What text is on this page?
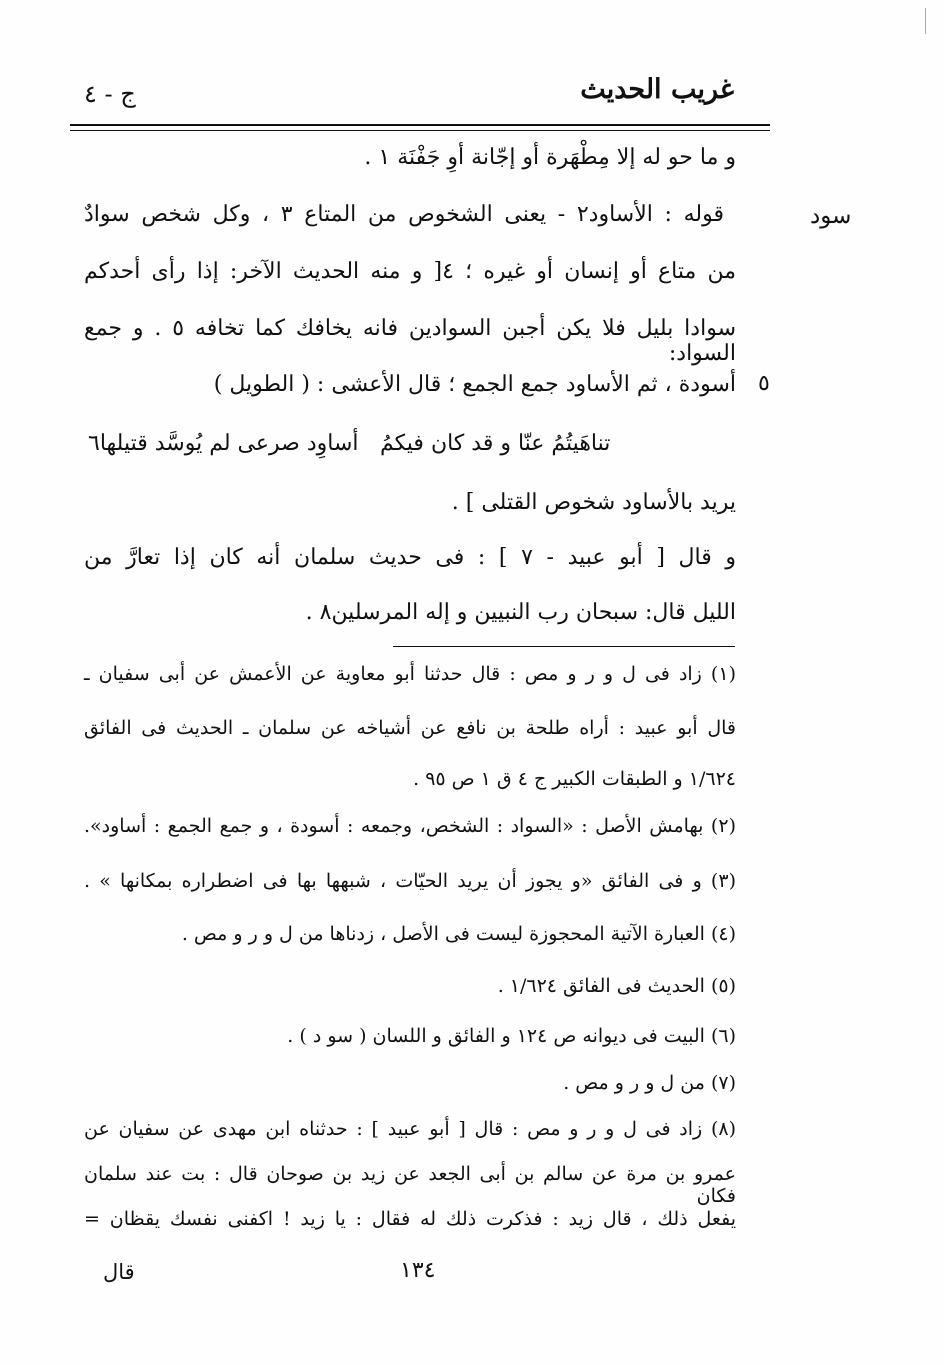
غريب الحديث
ج - ٤
سود
٥
و ما حو له إلا مِطْهَرة أو إجّانة أوِ جَفْنَة ١ .
قوله : الأساود٢ - يعنى الشخوص من المتاع ٣ ، وكل شخص سوادٌ
من متاع أو إنسان أو غيره ؛ ٤[ و منه الحديث الآخر: إذا رأى أحدكم
سوادا بليل فلا يكن أجبن السوادين فانه يخافك كما تخافه ٥ . و جمع السواد:
أسودة ، ثم الأساود جمع الجمع ؛ قال الأعشى : ( الطويل )
تناهَيتُمُ عنّا و قد كان فيكمُ
أساوِد صرعى لم يُوسَّد قتيلها٦
يريد بالأساود شخوص القتلى ] .
و قال [ أبو عبيد - ٧ ] : فى حديث سلمان أنه كان إذا تعارَّ من
الليل قال: سبحان رب النبيين و إله المرسلين٨ .
(١) زاد فى ل و ر و مص : قال حدثنا أبو معاوية عن الأعمش عن أبى سفيان ـ
قال أبو عبيد : أراه طلحة بن نافع عن أشياخه عن سلمان ـ الحديث فى الفائق
١/٦٢٤ و الطبقات الكبير ج ٤ ق ١ ص ٩٥ .
(٢) بهامش الأصل : «السواد : الشخص، وجمعه : أسودة ، و جمع الجمع : أساود».
(٣) و فى الفائق «و يجوز أن يريد الحيّات ، شبهها بها فى اضطراره بمكانها » .
(٤) العبارة الآتية المحجوزة ليست فى الأصل ، زدناها من ل و ر و مص .
(٥) الحديث فى الفائق ١/٦٢٤ .
(٦) البيت فى ديوانه ص ١٢٤ و الفائق و اللسان ( سو د ) .
(٧) من ل و ر و مص .
(٨) زاد فى ل و ر و مص : قال [ أبو عبيد ] : حدثناه ابن مهدى عن سفيان عن
عمرو بن مرة عن سالم بن أبى الجعد عن زيد بن صوحان قال : بت عند سلمان فكان
يفعل ذلك ، قال زيد : فذكرت ذلك له فقال : يا زيد ! اكفنى نفسك يقظان =
١٣٤
قال
